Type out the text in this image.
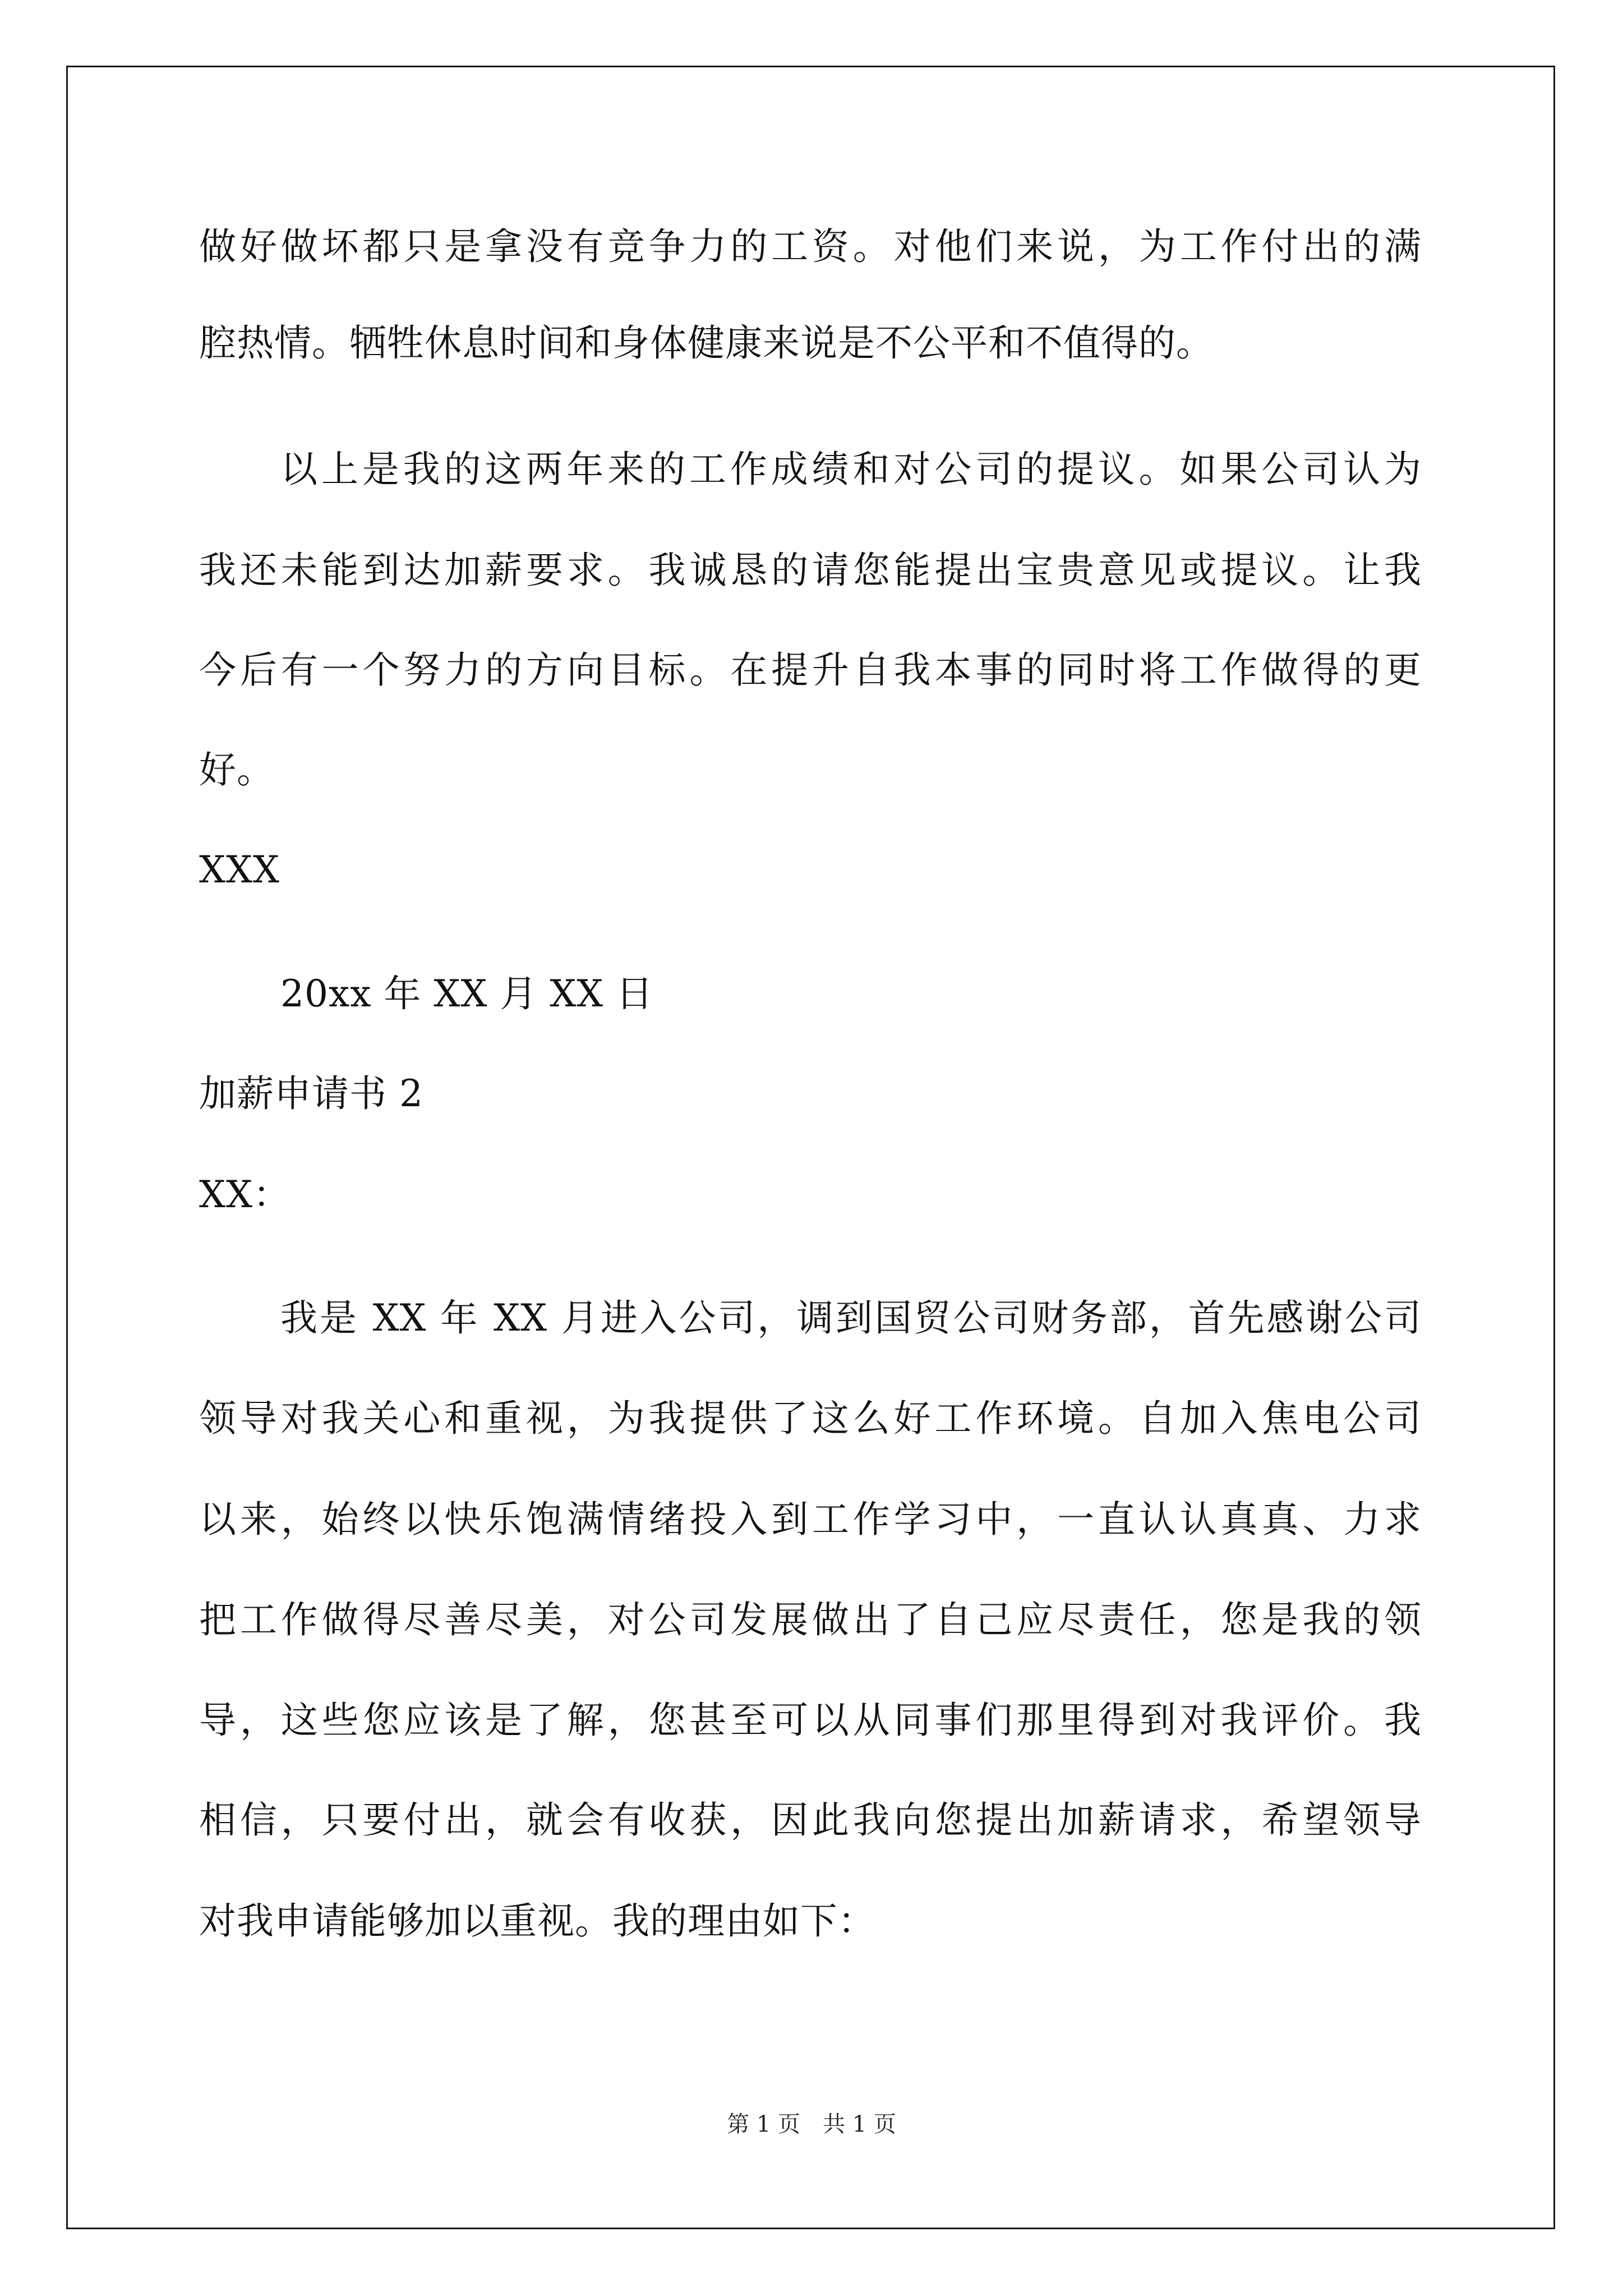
做好做坏都只是拿没有竞争力的工资。对他们来说，为工作付出的满
腔热情。牺牲休息时间和身体健康来说是不公平和不值得的。
以上是我的这两年来的工作成绩和对公司的提议。如果公司认为
我还未能到达加薪要求。我诚恳的请您能提出宝贵意见或提议。让我
今后有一个努力的方向目标。在提升自我本事的同时将工作做得的更
好。
XXX
20xx 年 XX 月 XX 日
加薪申请书 2
XX：
我是 XX 年 XX 月进入公司，调到国贸公司财务部，首先感谢公司
领导对我关心和重视，为我提供了这么好工作环境。自加入焦电公司
以来，始终以快乐饱满情绪投入到工作学习中，一直认认真真、力求
把工作做得尽善尽美，对公司发展做出了自己应尽责任，您是我的领
导，这些您应该是了解，您甚至可以从同事们那里得到对我评价。我
相信，只要付出，就会有收获，因此我向您提出加薪请求，希望领导
对我申请能够加以重视。我的理由如下：
第 1 页　共 1 页
